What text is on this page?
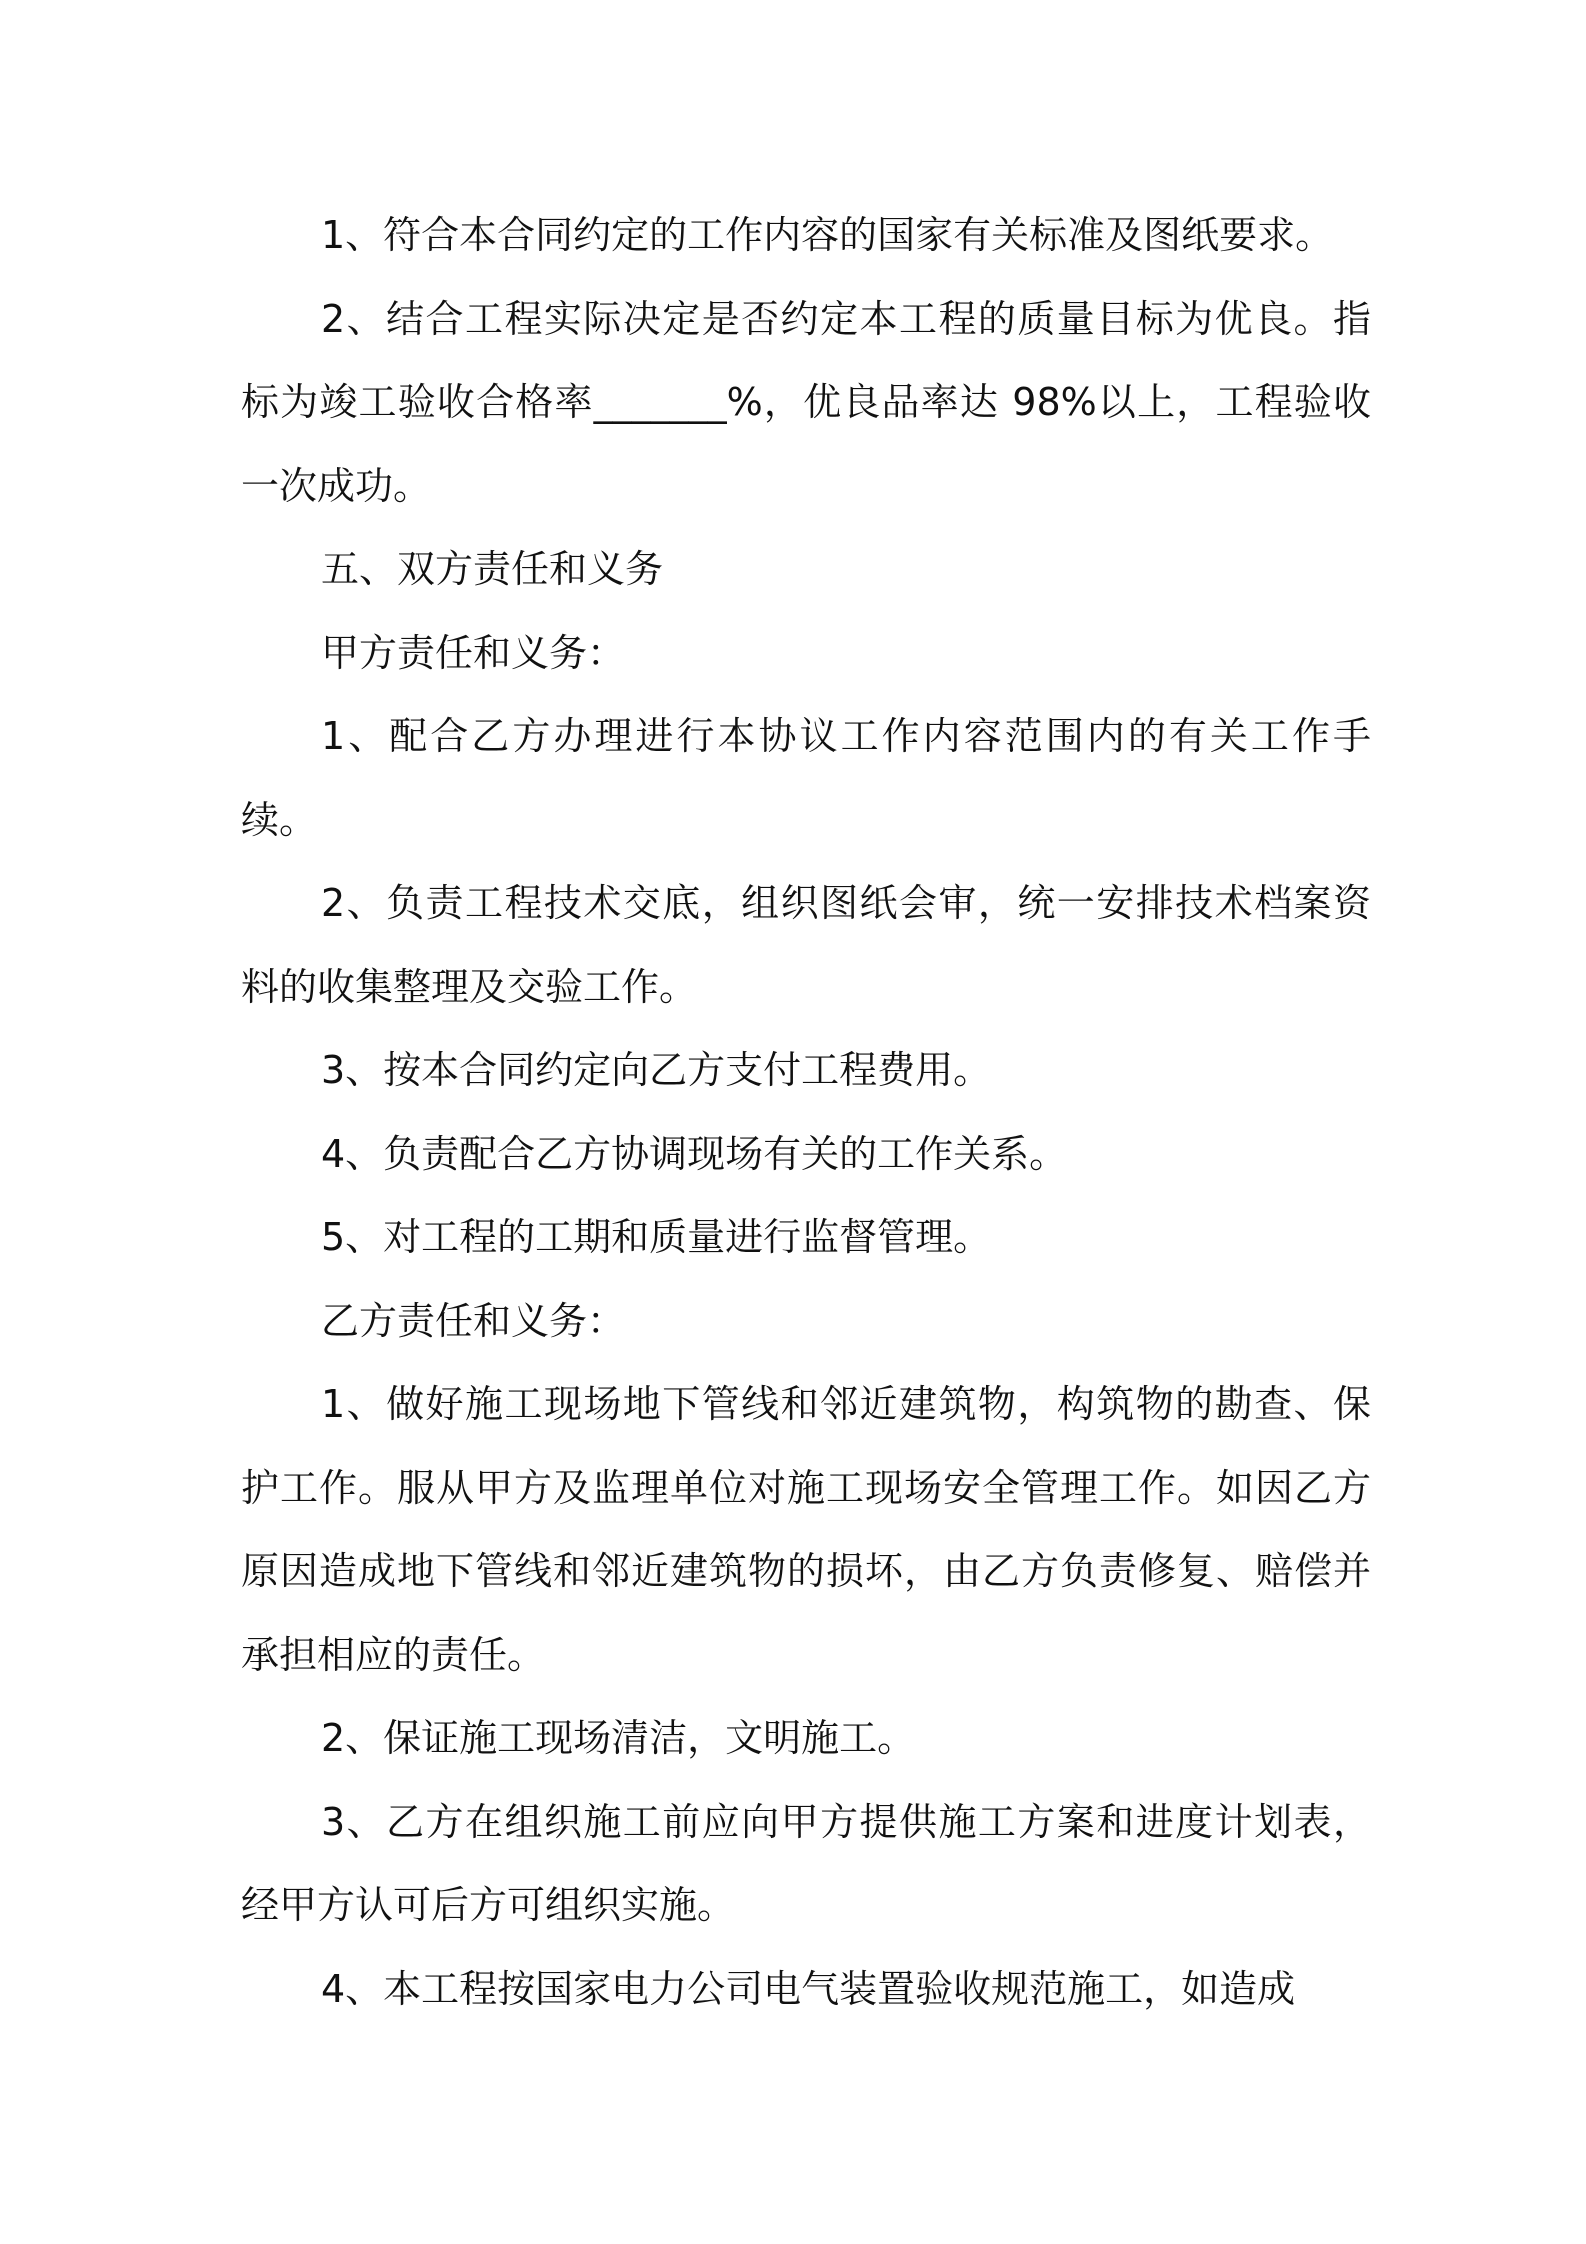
1、符合本合同约定的工作内容的国家有关标准及图纸要求。

2、结合工程实际决定是否约定本工程的质量目标为优良。指标为竣工验收合格率_______%，优良品率达 98%以上，工程验收一次成功。

五、双方责任和义务

甲方责任和义务：

1、配合乙方办理进行本协议工作内容范围内的有关工作手续。

2、负责工程技术交底，组织图纸会审，统一安排技术档案资料的收集整理及交验工作。

3、按本合同约定向乙方支付工程费用。

4、负责配合乙方协调现场有关的工作关系。

5、对工程的工期和质量进行监督管理。

乙方责任和义务：

1、做好施工现场地下管线和邻近建筑物，构筑物的勘查、保护工作。服从甲方及监理单位对施工现场安全管理工作。如因乙方原因造成地下管线和邻近建筑物的损坏，由乙方负责修复、赔偿并承担相应的责任。

2、保证施工现场清洁，文明施工。

3、乙方在组织施工前应向甲方提供施工方案和进度计划表，经甲方认可后方可组织实施。

4、本工程按国家电力公司电气装置验收规范施工，如造成
